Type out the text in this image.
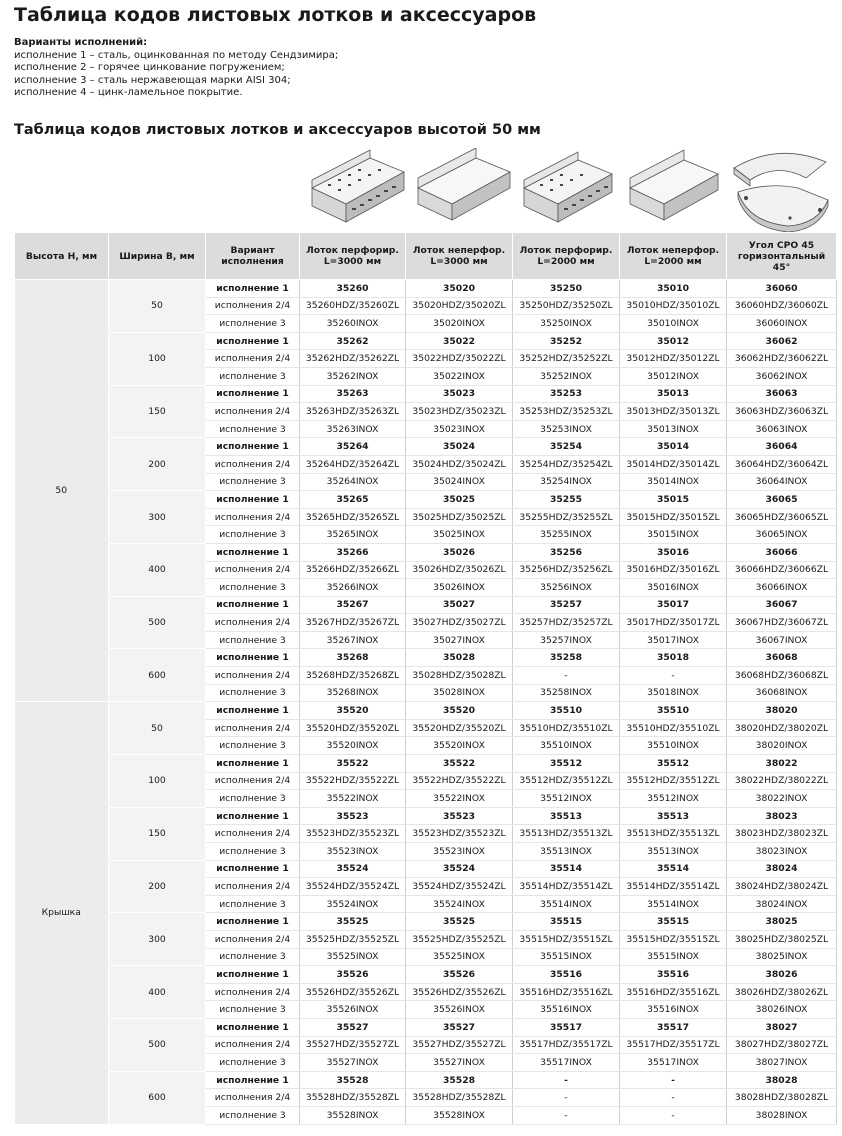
Таблица кодов листовых лотков и аксессуаров
Варианты исполнений:
исполнение 1 – сталь, оцинкованная по методу Сендзимира;
исполнение 2 – горячее цинкование погружением;
исполнение 3 – сталь нержавеющая марки AISI 304;
исполнение 4 – цинк-ламельное покрытие.
Таблица кодов листовых лотков и аксессуаров высотой 50 мм
Высота H, мм	Ширина B, мм	Вариант исполнения	Лоток перфорир. L=3000 мм	Лоток неперфор. L=3000 мм	Лоток перфорир. L=2000 мм	Лоток неперфор. L=2000 мм	Угол СРО 45 горизонтальный 45°
50	50	исполнение 1	35260	35020	35250	35010	36060
		исполнения 2/4	35260HDZ/35260ZL	35020HDZ/35020ZL	35250HDZ/35250ZL	35010HDZ/35010ZL	36060HDZ/36060ZL
		исполнение 3	35260INOX	35020INOX	35250INOX	35010INOX	36060INOX
	100	исполнение 1	35262	35022	35252	35012	36062
		исполнения 2/4	35262HDZ/35262ZL	35022HDZ/35022ZL	35252HDZ/35252ZL	35012HDZ/35012ZL	36062HDZ/36062ZL
		исполнение 3	35262INOX	35022INOX	35252INOX	35012INOX	36062INOX
	150	исполнение 1	35263	35023	35253	35013	36063
		исполнения 2/4	35263HDZ/35263ZL	35023HDZ/35023ZL	35253HDZ/35253ZL	35013HDZ/35013ZL	36063HDZ/36063ZL
		исполнение 3	35263INOX	35023INOX	35253INOX	35013INOX	36063INOX
	200	исполнение 1	35264	35024	35254	35014	36064
		исполнения 2/4	35264HDZ/35264ZL	35024HDZ/35024ZL	35254HDZ/35254ZL	35014HDZ/35014ZL	36064HDZ/36064ZL
		исполнение 3	35264INOX	35024INOX	35254INOX	35014INOX	36064INOX
	300	исполнение 1	35265	35025	35255	35015	36065
		исполнения 2/4	35265HDZ/35265ZL	35025HDZ/35025ZL	35255HDZ/35255ZL	35015HDZ/35015ZL	36065HDZ/36065ZL
		исполнение 3	35265INOX	35025INOX	35255INOX	35015INOX	36065INOX
	400	исполнение 1	35266	35026	35256	35016	36066
		исполнения 2/4	35266HDZ/35266ZL	35026HDZ/35026ZL	35256HDZ/35256ZL	35016HDZ/35016ZL	36066HDZ/36066ZL
		исполнение 3	35266INOX	35026INOX	35256INOX	35016INOX	36066INOX
	500	исполнение 1	35267	35027	35257	35017	36067
		исполнения 2/4	35267HDZ/35267ZL	35027HDZ/35027ZL	35257HDZ/35257ZL	35017HDZ/35017ZL	36067HDZ/36067ZL
		исполнение 3	35267INOX	35027INOX	35257INOX	35017INOX	36067INOX
	600	исполнение 1	35268	35028	35258	35018	36068
		исполнения 2/4	35268HDZ/35268ZL	35028HDZ/35028ZL	-	-	36068HDZ/36068ZL
		исполнение 3	35268INOX	35028INOX	35258INOX	35018INOX	36068INOX
Крышка	50	исполнение 1	35520	35520	35510	35510	38020
		исполнения 2/4	35520HDZ/35520ZL	35520HDZ/35520ZL	35510HDZ/35510ZL	35510HDZ/35510ZL	38020HDZ/38020ZL
		исполнение 3	35520INOX	35520INOX	35510INOX	35510INOX	38020INOX
	100	исполнение 1	35522	35522	35512	35512	38022
		исполнения 2/4	35522HDZ/35522ZL	35522HDZ/35522ZL	35512HDZ/35512ZL	35512HDZ/35512ZL	38022HDZ/38022ZL
		исполнение 3	35522INOX	35522INOX	35512INOX	35512INOX	38022INOX
	150	исполнение 1	35523	35523	35513	35513	38023
		исполнения 2/4	35523HDZ/35523ZL	35523HDZ/35523ZL	35513HDZ/35513ZL	35513HDZ/35513ZL	38023HDZ/38023ZL
		исполнение 3	35523INOX	35523INOX	35513INOX	35513INOX	38023INOX
	200	исполнение 1	35524	35524	35514	35514	38024
		исполнения 2/4	35524HDZ/35524ZL	35524HDZ/35524ZL	35514HDZ/35514ZL	35514HDZ/35514ZL	38024HDZ/38024ZL
		исполнение 3	35524INOX	35524INOX	35514INOX	35514INOX	38024INOX
	300	исполнение 1	35525	35525	35515	35515	38025
		исполнения 2/4	35525HDZ/35525ZL	35525HDZ/35525ZL	35515HDZ/35515ZL	35515HDZ/35515ZL	38025HDZ/38025ZL
		исполнение 3	35525INOX	35525INOX	35515INOX	35515INOX	38025INOX
	400	исполнение 1	35526	35526	35516	35516	38026
		исполнения 2/4	35526HDZ/35526ZL	35526HDZ/35526ZL	35516HDZ/35516ZL	35516HDZ/35516ZL	38026HDZ/38026ZL
		исполнение 3	35526INOX	35526INOX	35516INOX	35516INOX	38026INOX
	500	исполнение 1	35527	35527	35517	35517	38027
		исполнения 2/4	35527HDZ/35527ZL	35527HDZ/35527ZL	35517HDZ/35517ZL	35517HDZ/35517ZL	38027HDZ/38027ZL
		исполнение 3	35527INOX	35527INOX	35517INOX	35517INOX	38027INOX
	600	исполнение 1	35528	35528	-	-	38028
		исполнения 2/4	35528HDZ/35528ZL	35528HDZ/35528ZL	-	-	38028HDZ/38028ZL
		исполнение 3	35528INOX	35528INOX	-	-	38028INOX
